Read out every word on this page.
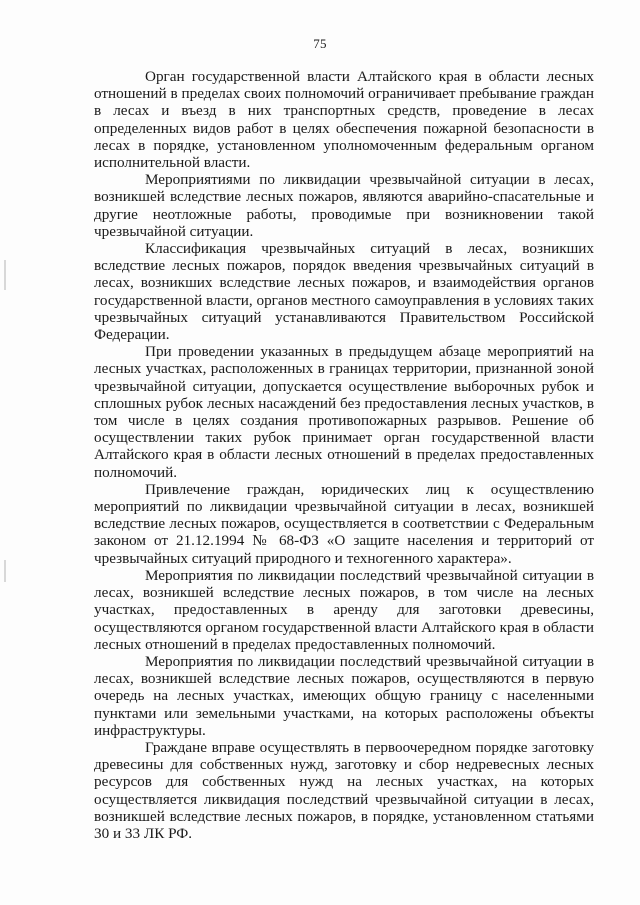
75

Орган государственной власти Алтайского края в области лесных отношений в пределах своих полномочий ограничивает пребывание граждан в лесах и въезд в них транспортных средств, проведение в лесах определенных видов работ в целях обеспечения пожарной безопасности в лесах в порядке, установленном уполномоченным федеральным органом исполнительной власти.

Мероприятиями по ликвидации чрезвычайной ситуации в лесах, возникшей вследствие лесных пожаров, являются аварийно-спасательные и другие неотложные работы, проводимые при возникновении такой чрезвычайной ситуации.

Классификация чрезвычайных ситуаций в лесах, возникших вследствие лесных пожаров, порядок введения чрезвычайных ситуаций в лесах, возникших вследствие лесных пожаров, и взаимодействия органов государственной власти, органов местного самоуправления в условиях таких чрезвычайных ситуаций устанавливаются Правительством Российской Федерации.

При проведении указанных в предыдущем абзаце мероприятий на лесных участках, расположенных в границах территории, признанной зоной чрезвычайной ситуации, допускается осуществление выборочных рубок и сплошных рубок лесных насаждений без предоставления лесных участков, в том числе в целях создания противопожарных разрывов. Решение об осуществлении таких рубок принимает орган государственной власти Алтайского края в области лесных отношений в пределах предоставленных полномочий.

Привлечение граждан, юридических лиц к осуществлению мероприятий по ликвидации чрезвычайной ситуации в лесах, возникшей вследствие лесных пожаров, осуществляется в соответствии с Федеральным законом от 21.12.1994 № 68-ФЗ «О защите населения и территорий от чрезвычайных ситуаций природного и техногенного характера».

Мероприятия по ликвидации последствий чрезвычайной ситуации в лесах, возникшей вследствие лесных пожаров, в том числе на лесных участках, предоставленных в аренду для заготовки древесины, осуществляются органом государственной власти Алтайского края в области лесных отношений в пределах предоставленных полномочий.

Мероприятия по ликвидации последствий чрезвычайной ситуации в лесах, возникшей вследствие лесных пожаров, осуществляются в первую очередь на лесных участках, имеющих общую границу с населенными пунктами или земельными участками, на которых расположены объекты инфраструктуры.

Граждане вправе осуществлять в первоочередном порядке заготовку древесины для собственных нужд, заготовку и сбор недревесных лесных ресурсов для собственных нужд на лесных участках, на которых осуществляется ликвидация последствий чрезвычайной ситуации в лесах, возникшей вследствие лесных пожаров, в порядке, установленном статьями 30 и 33 ЛК РФ.
